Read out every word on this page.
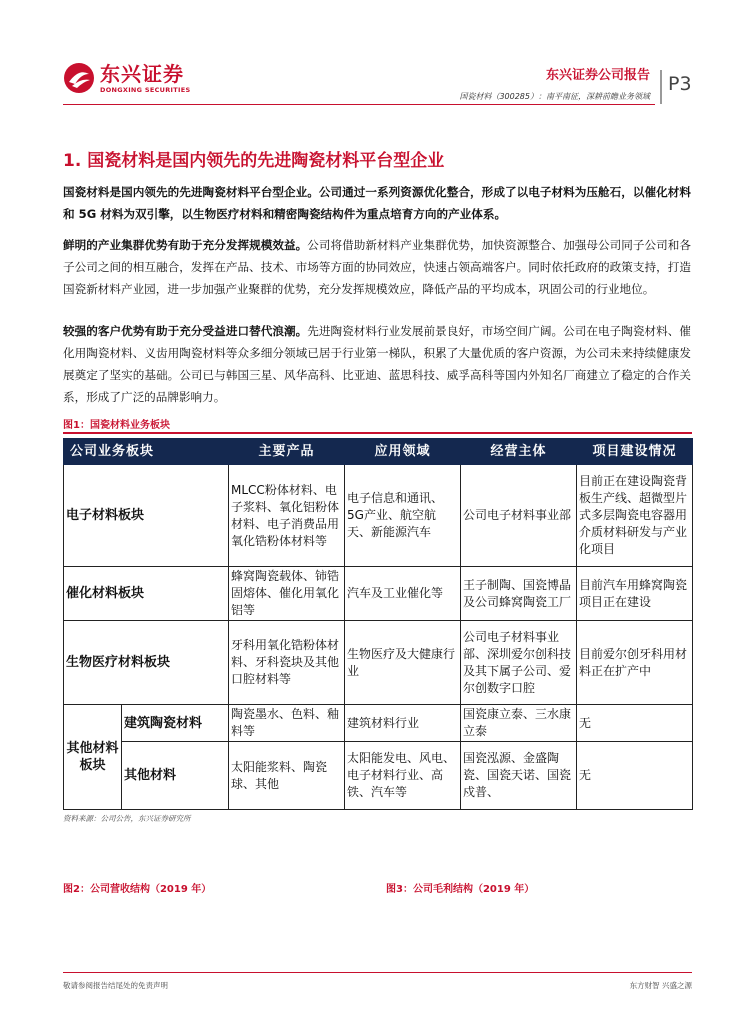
东兴证券
DONGXING SECURITIES
东兴证券公司报告
国瓷材料（300285）：南平南征，深耕前瞻业务领域
P3
1. 国瓷材料是国内领先的先进陶瓷材料平台型企业
国瓷材料是国内领先的先进陶瓷材料平台型企业。公司通过一系列资源优化整合，形成了以电子材料为压舱石，以催化材料和 5G 材料为双引擎，以生物医疗材料和精密陶瓷结构件为重点培育方向的产业体系。
鲜明的产业集群优势有助于充分发挥规模效益。公司将借助新材料产业集群优势，加快资源整合、加强母公司同子公司和各子公司之间的相互融合，发挥在产品、技术、市场等方面的协同效应，快速占领高端客户。同时依托政府的政策支持，打造国瓷新材料产业园，进一步加强产业聚群的优势，充分发挥规模效应，降低产品的平均成本，巩固公司的行业地位。
较强的客户优势有助于充分受益进口替代浪潮。先进陶瓷材料行业发展前景良好，市场空间广阔。公司在电子陶瓷材料、催化用陶瓷材料、义齿用陶瓷材料等众多细分领域已居于行业第一梯队，积累了大量优质的客户资源，为公司未来持续健康发展奠定了坚实的基础。公司已与韩国三星、风华高科、比亚迪、蓝思科技、威孚高科等国内外知名厂商建立了稳定的合作关系，形成了广泛的品牌影响力。
图1：国瓷材料业务板块
公司业务板块		主要产品	应用领域	经营主体	项目建设情况
电子材料板块		MLCC粉体材料、电子浆料、氧化铝粉体材料、电子消费品用氧化锆粉体材料等	电子信息和通讯、5G产业、航空航天、新能源汽车	公司电子材料事业部	目前正在建设陶瓷背板生产线、超微型片式多层陶瓷电容器用介质材料研发与产业化项目
催化材料板块		蜂窝陶瓷载体、铈锆固熔体、催化用氧化铝等	汽车及工业催化等	王子制陶、国瓷博晶及公司蜂窝陶瓷工厂	目前汽车用蜂窝陶瓷项目正在建设
生物医疗材料板块		牙科用氧化锆粉体材料、牙科瓷块及其他口腔材料等	生物医疗及大健康行业	公司电子材料事业部、深圳爱尔创科技及其下属子公司、爱尔创数字口腔	目前爱尔创牙科用材料正在扩产中
其他材料板块	建筑陶瓷材料	陶瓷墨水、色料、釉料等	建筑材料行业	国瓷康立泰、三水康立泰	无
	其他材料	太阳能浆料、陶瓷球、其他	太阳能发电、风电、电子材料行业、高铁、汽车等	国瓷泓源、金盛陶瓷、国瓷天诺、国瓷戍普、	无
资料来源：公司公告，东兴证券研究所
图2：公司营收结构（2019 年）	图3：公司毛利结构（2019 年）
敬请参阅报告结尾处的免责声明	东方财智 兴盛之源
